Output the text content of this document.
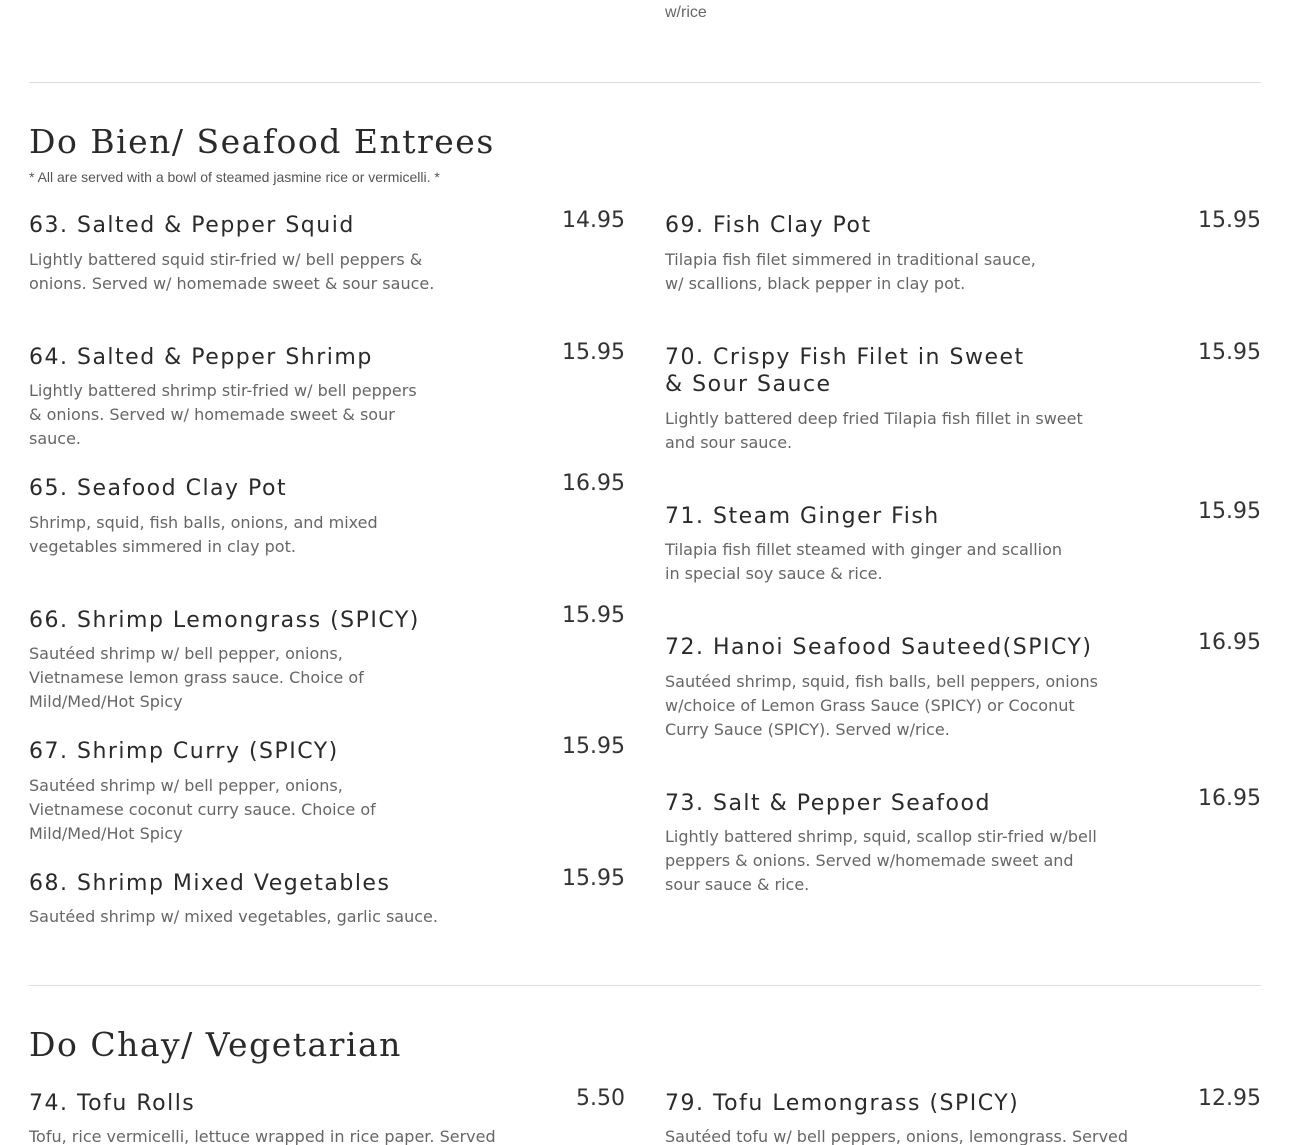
w/rice
Do Bien/ Seafood Entrees
* All are served with a bowl of steamed jasmine rice or vermicelli. *
63. Salted & Pepper Squid	14.95
Lightly battered squid stir-fried w/ bell peppers & onions. Served w/ homemade sweet & sour sauce.
64. Salted & Pepper Shrimp	15.95
Lightly battered shrimp stir-fried w/ bell peppers & onions. Served w/ homemade sweet & sour sauce.
65. Seafood Clay Pot	16.95
Shrimp, squid, fish balls, onions, and mixed vegetables simmered in clay pot.
66. Shrimp Lemongrass (SPICY)	15.95
Sautéed shrimp w/ bell pepper, onions, Vietnamese lemon grass sauce. Choice of Mild/Med/Hot Spicy
67. Shrimp Curry (SPICY)	15.95
Sautéed shrimp w/ bell pepper, onions, Vietnamese coconut curry sauce. Choice of Mild/Med/Hot Spicy
68. Shrimp Mixed Vegetables	15.95
Sautéed shrimp w/ mixed vegetables, garlic sauce.
69. Fish Clay Pot	15.95
Tilapia fish filet simmered in traditional sauce, w/ scallions, black pepper in clay pot.
70. Crispy Fish Filet in Sweet & Sour Sauce
15.95
Lightly battered deep fried Tilapia fish fillet in sweet and sour sauce.
71. Steam Ginger Fish	15.95
Tilapia fish fillet steamed with ginger and scallion in special soy sauce & rice.
72. Hanoi Seafood Sauteed(SPICY)	16.95
Sautéed shrimp, squid, fish balls, bell peppers, onions w/choice of Lemon Grass Sauce (SPICY) or Coconut Curry Sauce (SPICY). Served w/rice.
73. Salt & Pepper Seafood	16.95
Lightly battered shrimp, squid, scallop stir-fried w/bell peppers & onions. Served w/homemade sweet and sour sauce & rice.
Do Chay/ Vegetarian
74. Tofu Rolls	5.50
Tofu, rice vermicelli, lettuce wrapped in rice paper. Served
79. Tofu Lemongrass (SPICY)	12.95
Sautéed tofu w/ bell peppers, onions, lemongrass. Served
